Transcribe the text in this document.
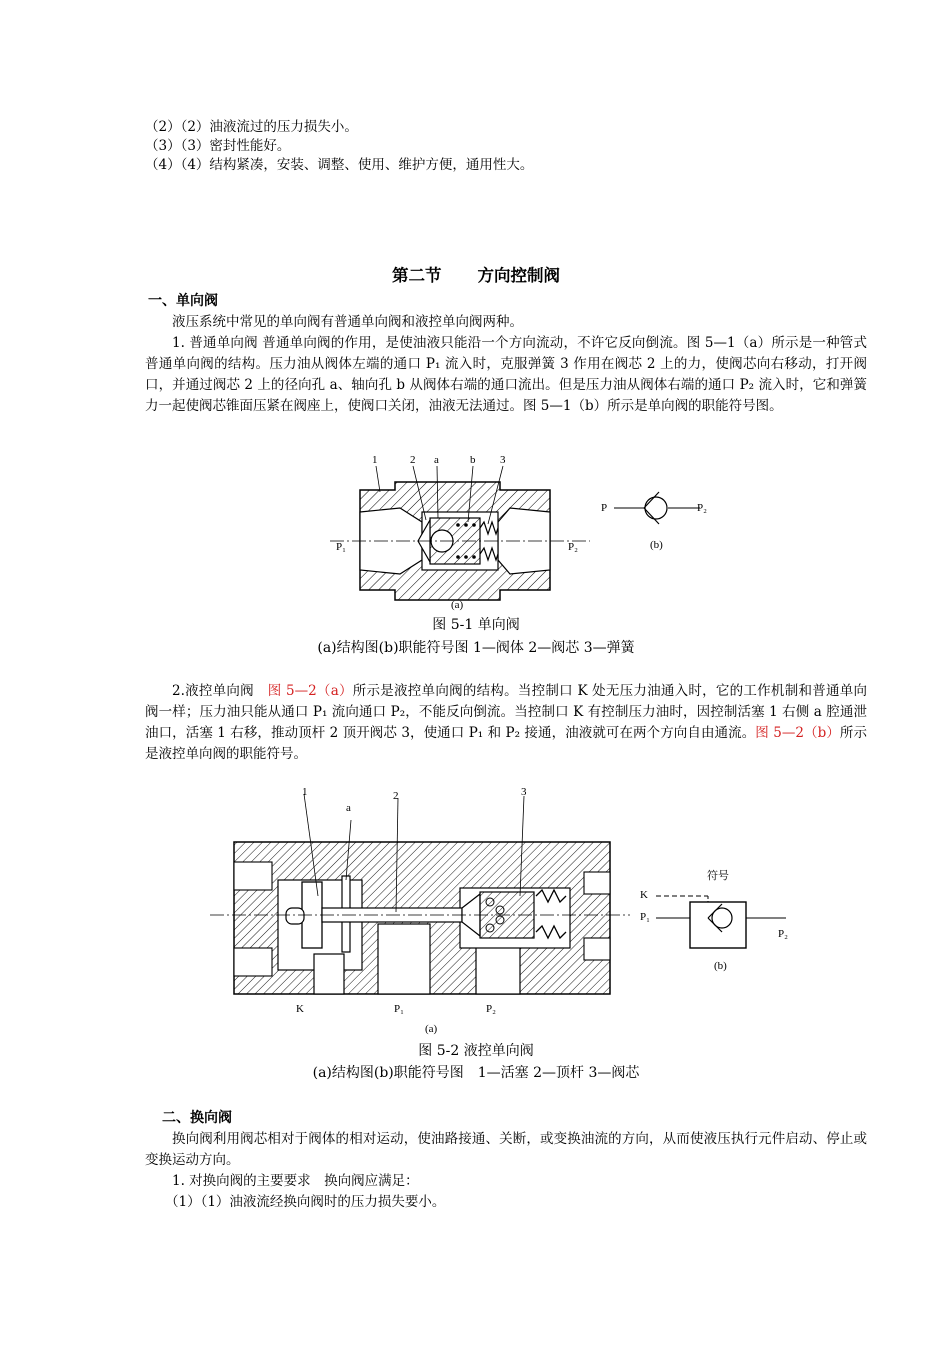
（2）（2）油液流过的压力损失小。
（3）（3）密封性能好。
（4）（4）结构紧凑，安装、调整、使用、维护方便，通用性大。
第二节 方向控制阀
一、单向阀
液压系统中常见的单向阀有普通单向阀和液控单向阀两种。
1. 普通单向阀 普通单向阀的作用，是使油液只能沿一个方向流动，不许它反向倒流。图 5—1（a）所示是一种管式普通单向阀的结构。压力油从阀体左端的通口 P₁ 流入时，克服弹簧 3 作用在阀芯 2 上的力，使阀芯向右移动，打开阀口，并通过阀芯 2 上的径向孔 a、轴向孔 b 从阀体右端的通口流出。但是压力油从阀体右端的通口 P₂ 流入时，它和弹簧力一起使阀芯锥面压紧在阀座上，使阀口关闭，油液无法通过。图 5—1（b）所示是单向阀的职能符号图。
1	2 a	b 3
P₁	P₂
(a)
P	P₂
(b)
图 5-1 单向阀
(a)结构图(b)职能符号图 1—阀体 2—阀芯 3—弹簧
2.液控单向阀　图 5—2（a）所示是液控单向阀的结构。当控制口 K 处无压力油通入时，它的工作机制和普通单向阀一样；压力油只能从通口 P₁ 流向通口 P₂，不能反向倒流。当控制口 K 有控制压力油时，因控制活塞 1 右侧 a 腔通泄油口，活塞 1 右移，推动顶杆 2 顶开阀芯 3，使通口 P₁ 和 P₂ 接通，油液就可在两个方向自由通流。图 5—2（b）所示是液控单向阀的职能符号。
1
a
2	3
K	P₁	P₂
(a)
符号
K
P₁
P₂
(b)
图 5-2 液控单向阀
(a)结构图(b)职能符号图　1—活塞 2—顶杆 3—阀芯
二、换向阀
换向阀利用阀芯相对于阀体的相对运动，使油路接通、关断，或变换油流的方向，从而使液压执行元件启动、停止或变换运动方向。
1. 对换向阀的主要要求　换向阀应满足：
（1）（1）油液流经换向阀时的压力损失要小。
